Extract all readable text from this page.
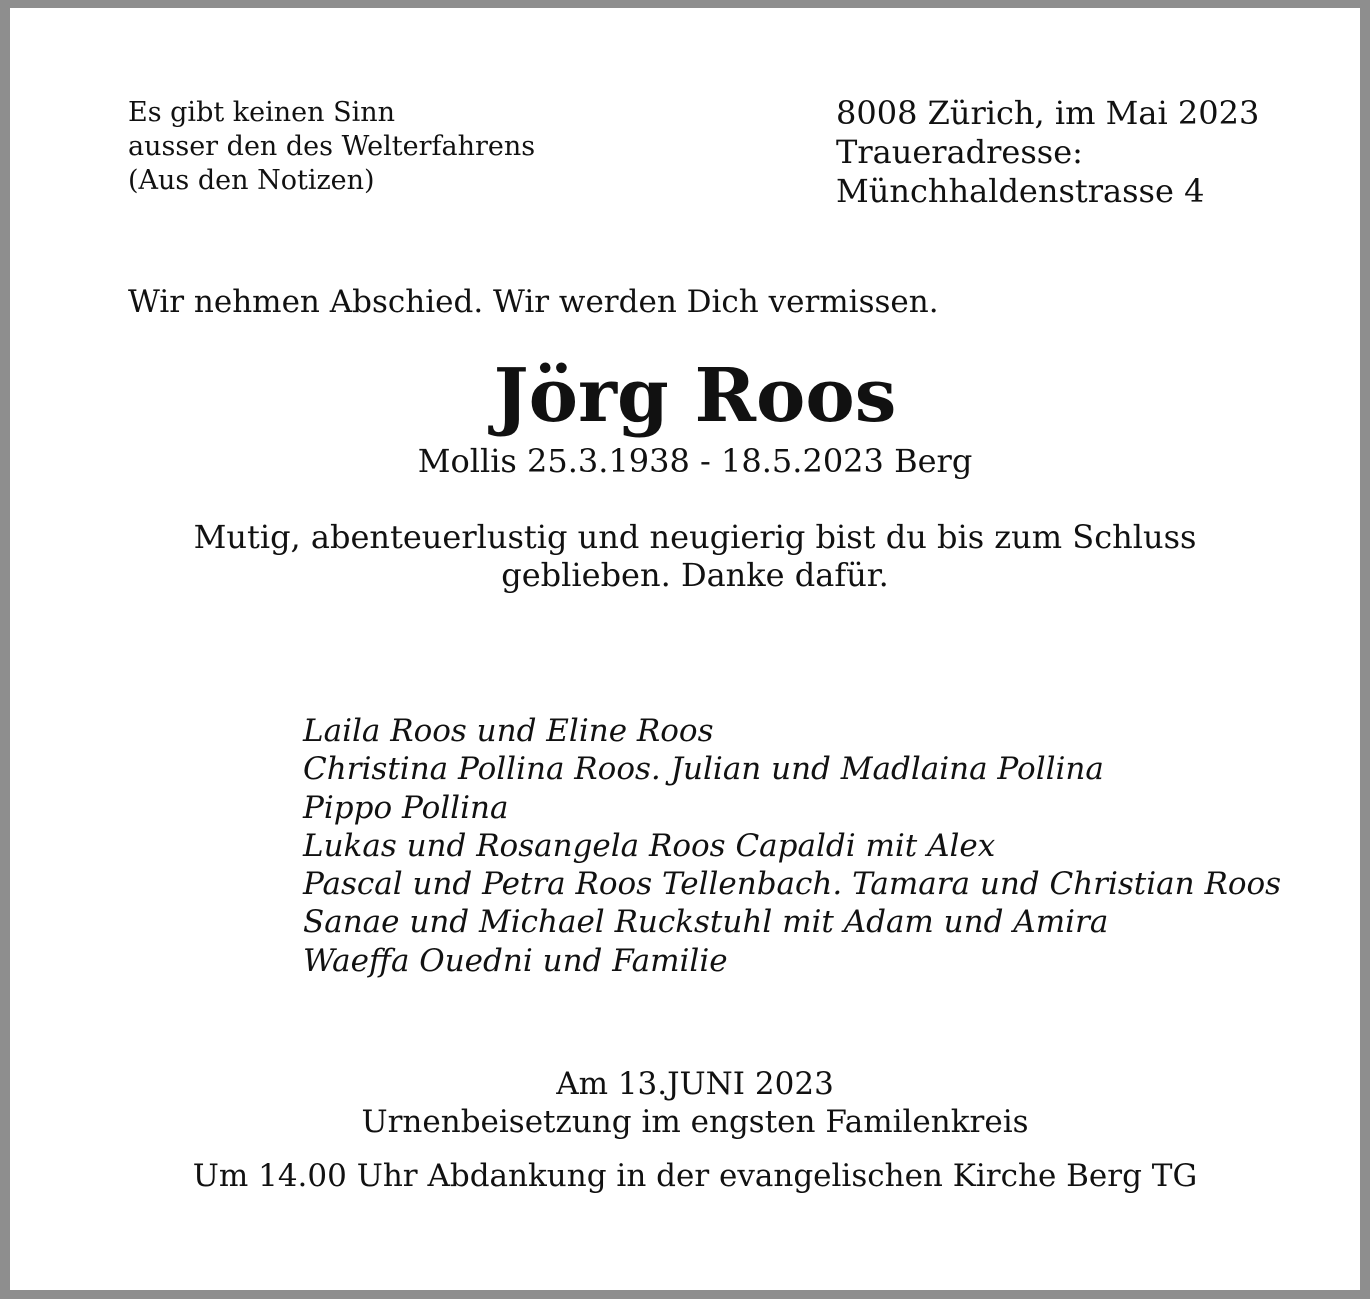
Es gibt keinen Sinn
ausser den des Welterfahrens
(Aus den Notizen)
8008 Zürich, im Mai 2023
Traueradresse:
Münchhaldenstrasse 4
Wir nehmen Abschied. Wir werden Dich vermissen.
Jörg Roos
Mollis 25.3.1938 - 18.5.2023 Berg
Mutig, abenteuerlustig und neugierig bist du bis zum Schluss geblieben. Danke dafür.
Laila Roos und Eline Roos
Christina Pollina Roos. Julian und Madlaina Pollina
Pippo Pollina
Lukas und Rosangela Roos Capaldi mit Alex
Pascal und Petra Roos Tellenbach. Tamara und Christian Roos
Sanae und Michael Ruckstuhl mit Adam und Amira
Waeffa Ouedni und Familie
Am 13.JUNI 2023
Urnenbeisetzung im engsten Familenkreis
Um 14.00 Uhr Abdankung in der evangelischen Kirche Berg TG
